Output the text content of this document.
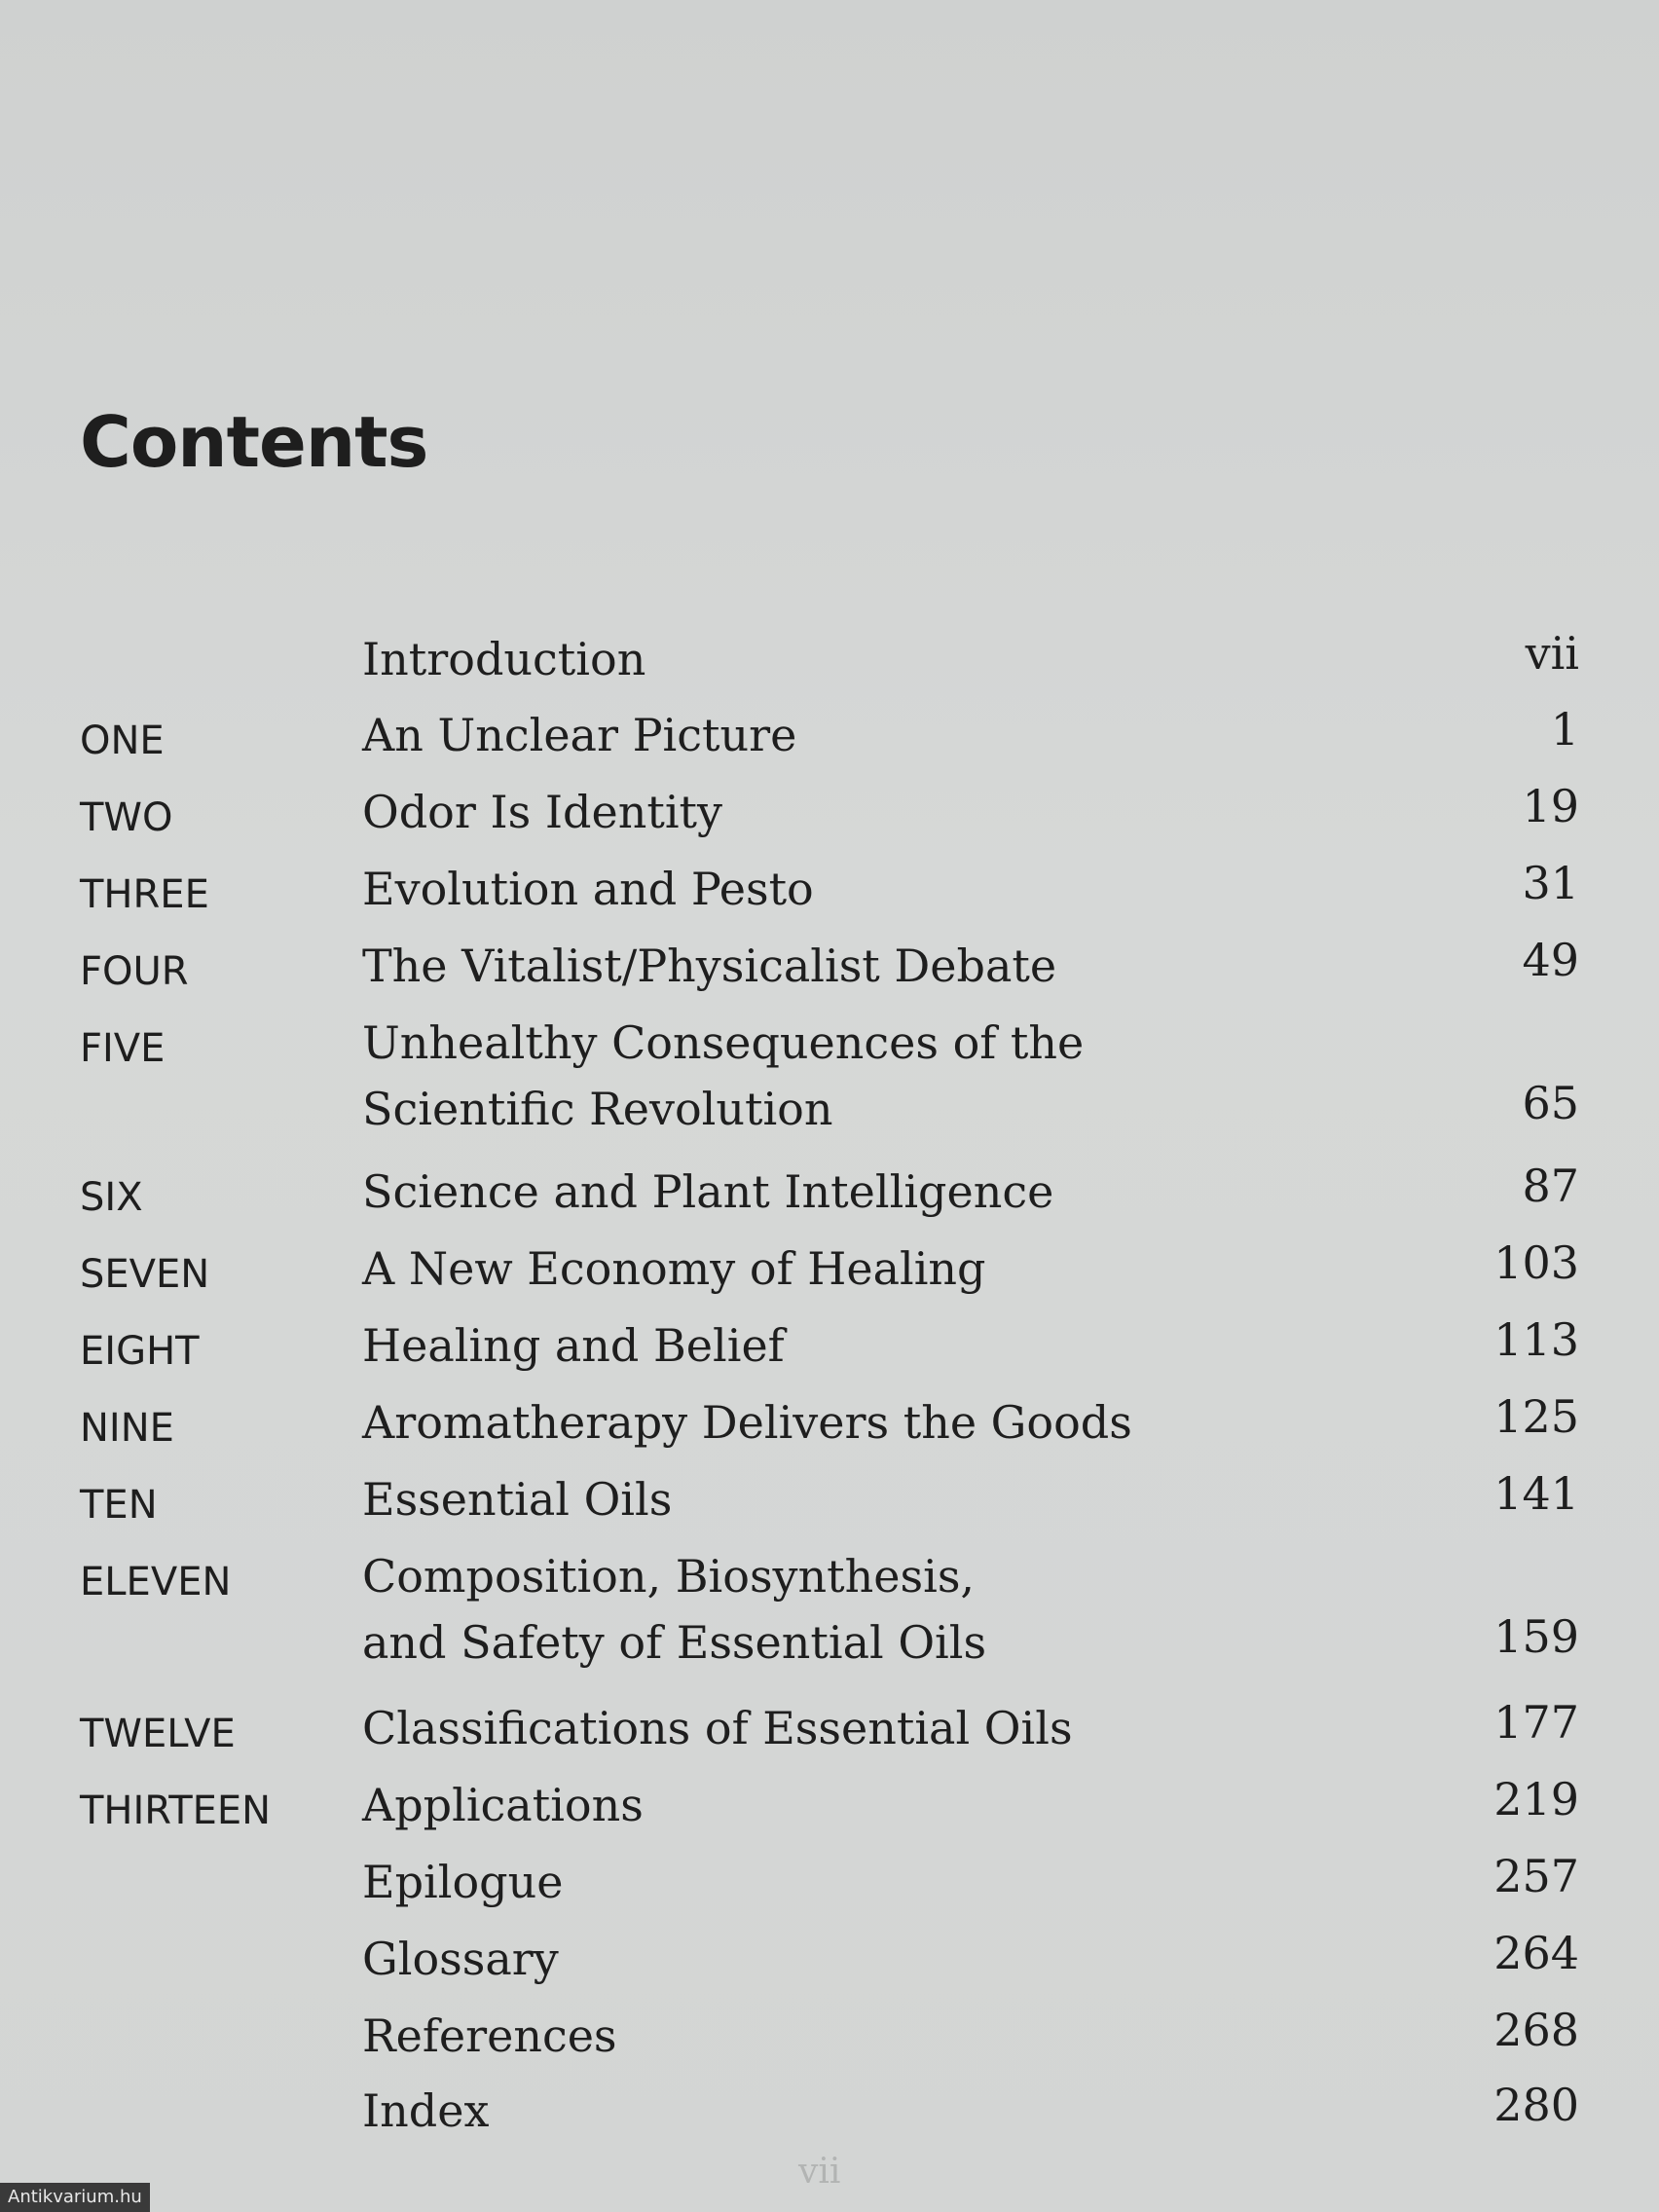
Contents
Introduction	vii
ONE	An Unclear Picture	1
TWO	Odor Is Identity	19
THREE	Evolution and Pesto	31
FOUR	The Vitalist/Physicalist Debate	49
FIVE	Unhealthy Consequences of the
Scientific Revolution	65
SIX	Science and Plant Intelligence	87
SEVEN	A New Economy of Healing	103
EIGHT	Healing and Belief	113
NINE	Aromatherapy Delivers the Goods	125
TEN	Essential Oils	141
ELEVEN	Composition, Biosynthesis,
and Safety of Essential Oils	159
TWELVE	Classifications of Essential Oils	177
THIRTEEN Applications	219
Epilogue	257
Glossary	264
References	268
Index	280
vii
Antikvarium.hu
